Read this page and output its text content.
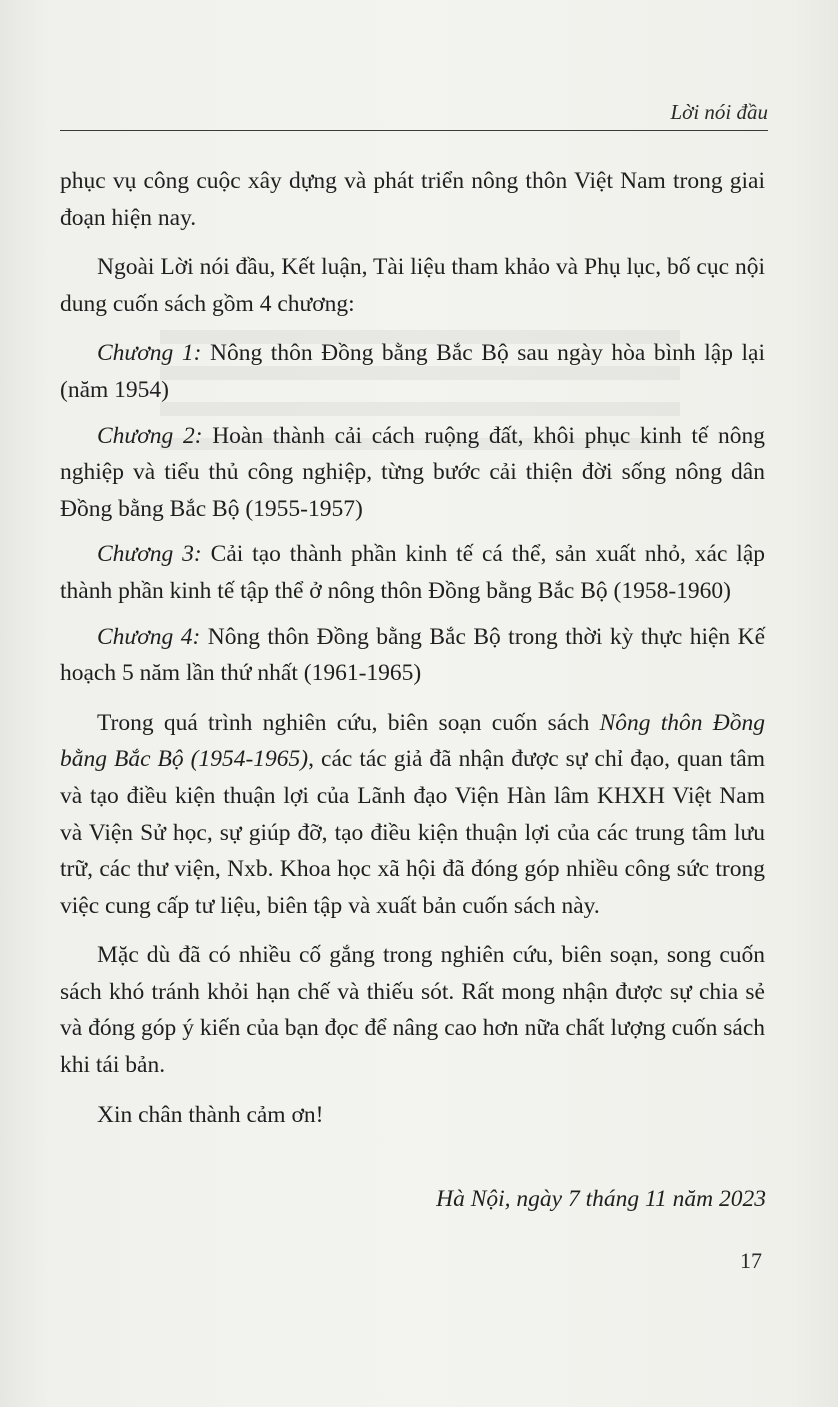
Lời nói đầu

phục vụ công cuộc xây dựng và phát triển nông thôn Việt Nam trong giai đoạn hiện nay.

Ngoài Lời nói đầu, Kết luận, Tài liệu tham khảo và Phụ lục, bố cục nội dung cuốn sách gồm 4 chương:

Chương 1: Nông thôn Đồng bằng Bắc Bộ sau ngày hòa bình lập lại (năm 1954)

Chương 2: Hoàn thành cải cách ruộng đất, khôi phục kinh tế nông nghiệp và tiểu thủ công nghiệp, từng bước cải thiện đời sống nông dân Đồng bằng Bắc Bộ (1955-1957)

Chương 3: Cải tạo thành phần kinh tế cá thể, sản xuất nhỏ, xác lập thành phần kinh tế tập thể ở nông thôn Đồng bằng Bắc Bộ (1958-1960)

Chương 4: Nông thôn Đồng bằng Bắc Bộ trong thời kỳ thực hiện Kế hoạch 5 năm lần thứ nhất (1961-1965)

Trong quá trình nghiên cứu, biên soạn cuốn sách Nông thôn Đồng bằng Bắc Bộ (1954-1965), các tác giả đã nhận được sự chỉ đạo, quan tâm và tạo điều kiện thuận lợi của Lãnh đạo Viện Hàn lâm KHXH Việt Nam và Viện Sử học, sự giúp đỡ, tạo điều kiện thuận lợi của các trung tâm lưu trữ, các thư viện, Nxb. Khoa học xã hội đã đóng góp nhiều công sức trong việc cung cấp tư liệu, biên tập và xuất bản cuốn sách này.

Mặc dù đã có nhiều cố gắng trong nghiên cứu, biên soạn, song cuốn sách khó tránh khỏi hạn chế và thiếu sót. Rất mong nhận được sự chia sẻ và đóng góp ý kiến của bạn đọc để nâng cao hơn nữa chất lượng cuốn sách khi tái bản.

Xin chân thành cảm ơn!

Hà Nội, ngày 7 tháng 11 năm 2023
17
